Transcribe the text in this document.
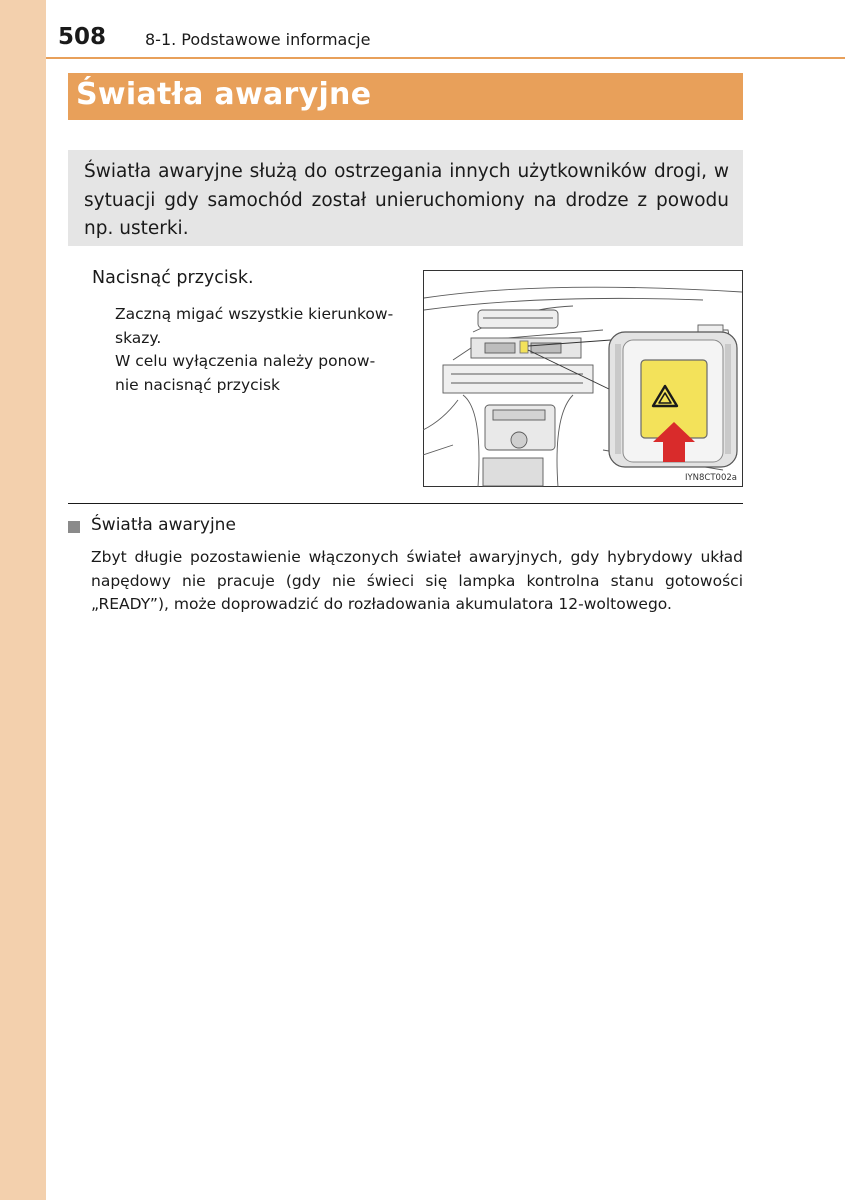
508 8-1. Podstawowe informacje
Światła awaryjne
Światła awaryjne służą do ostrzegania innych użytkowników drogi, w sytuacji gdy samochód został unieruchomiony na drodze z powodu np. usterki.
Nacisnąć przycisk.
Zaczną migać wszystkie kierunkow-
skazy.
W celu wyłączenia należy ponow-
nie nacisnąć przycisk
IYN8CT002a
Światła awaryjne
Zbyt długie pozostawienie włączonych świateł awaryjnych, gdy hybrydowy układ napędowy nie pracuje (gdy nie świeci się lampka kontrolna stanu gotowości „READY”), może doprowadzić do rozładowania akumulatora 12-woltowego.
